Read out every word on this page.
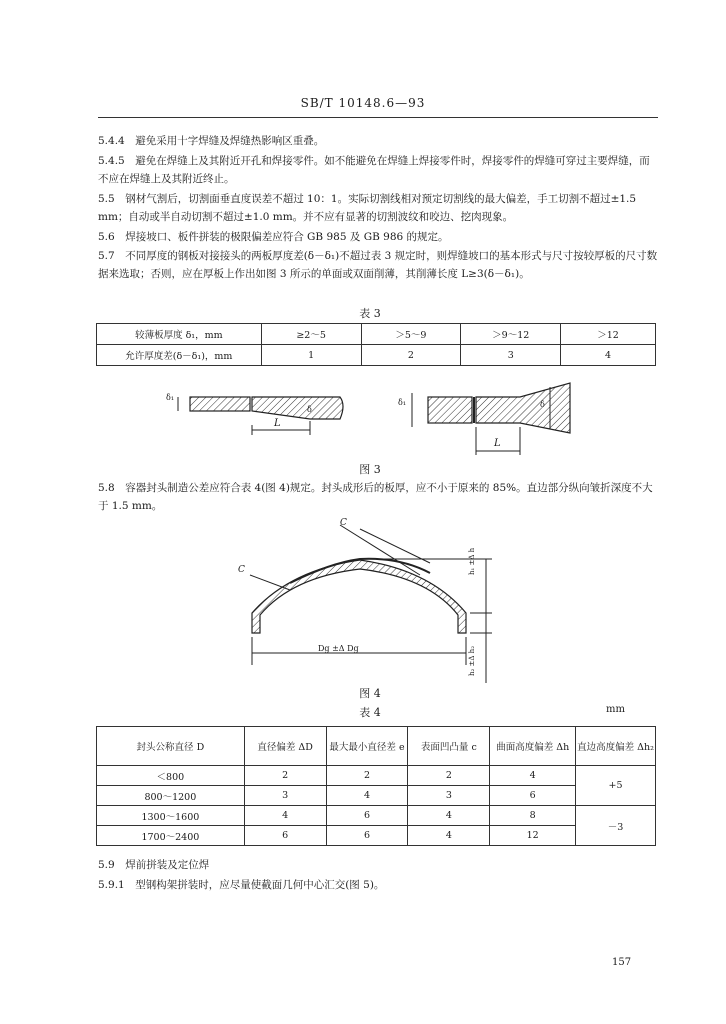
SB/T 10148.6—93
5.4.4　避免采用十字焊缝及焊缝热影响区重叠。
5.4.5　避免在焊缝上及其附近开孔和焊接零件。如不能避免在焊缝上焊接零件时，焊接零件的焊缝可穿过主要焊缝，而不应在焊缝上及其附近终止。
5.5　钢材气割后，切割面垂直度误差不超过 10：1。实际切割线相对预定切割线的最大偏差，手工切割不超过±1.5 mm；自动或半自动切割不超过±1.0 mm。并不应有显著的切割波纹和咬边、挖肉现象。
5.6　焊接坡口、板件拼装的极限偏差应符合 GB 985 及 GB 986 的规定。
5.7　不同厚度的钢板对接接头的两板厚度差(δ－δ₁)不超过表 3 规定时，则焊缝坡口的基本形式与尺寸按较厚板的尺寸数据来选取；否则，应在厚板上作出如图 3 所示的单面或双面削薄，其削薄长度 L≥3(δ－δ₁)。
表 3
较薄板厚度 δ₁，mm	≥2～5	＞5～9	＞9～12	＞12
允许厚度差(δ－δ₁)，mm	1	2	3	4
δ₁
δ
L
δ₁	δ
L
图 3
5.8　容器封头制造公差应符合表 4(图 4)规定。封头成形后的板厚，应不小于原来的 85%。直边部分纵向皱折深度不大于 1.5 mm。
C
C
Dg ±Δ Dg
h₁ ±Δ h
h₂ ±Δ h₂
图 4
表 4	mm
封头公称直径 D	直径偏差 ΔD	最大最小直径差 e	表面凹凸量 c	曲面高度偏差 Δh	直边高度偏差 Δh₂
＜800	2	2	2	4	+5
800～1200	3	4	3	6	
1300～1600	4	6	4	8	－3
1700～2400	6	6	4	12	
5.9　焊前拼装及定位焊
5.9.1　型钢构架拼装时，应尽量使截面几何中心汇交(图 5)。
157
